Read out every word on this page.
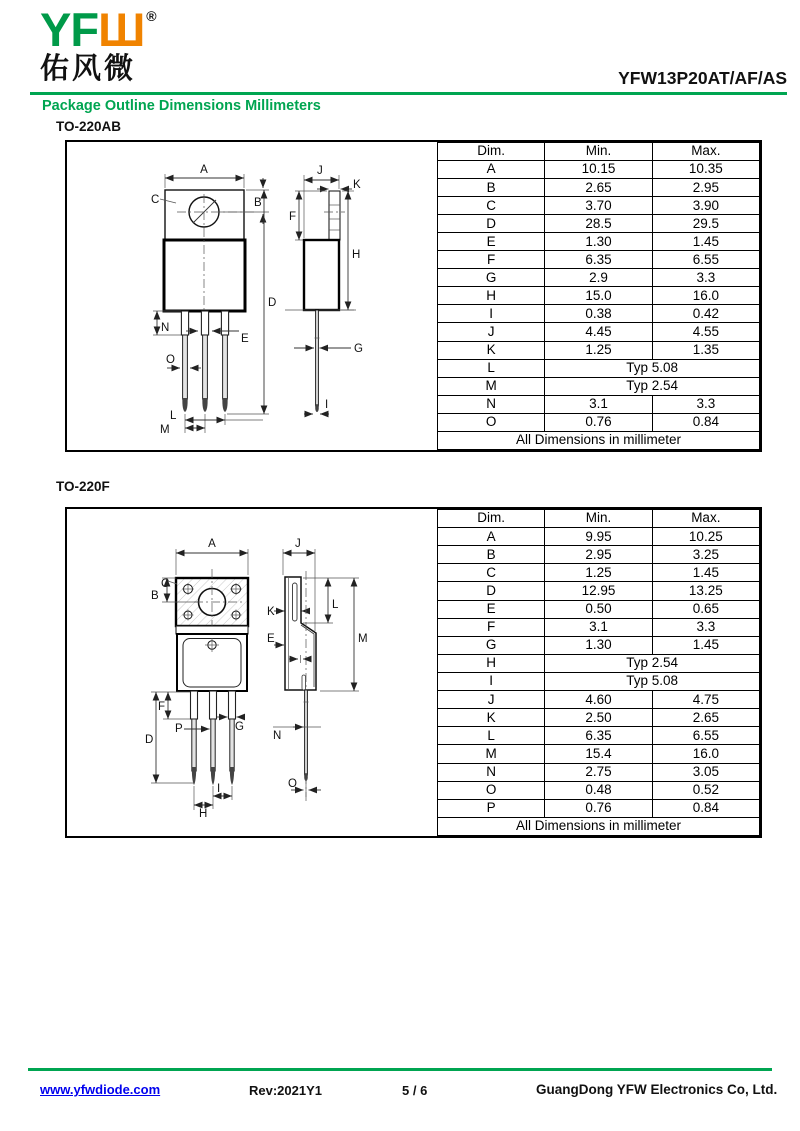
YFШ ®
佑风微	YFW13P20AT/AF/AS
Package Outline Dimensions Millimeters
TO-220AB
A
C	B
D
N
E
O
L
M
J
K
F
H
G
I
Dim.	Min.	Max.
A	10.15	10.35
B	2.65	2.95
C	3.70	3.90
D	28.5	29.5
E	1.30	1.45
F	6.35	6.55
G	2.9	3.3
H	15.0	16.0
I	0.38	0.42
J	4.45	4.55
K	1.25	1.35
L	Typ 5.08	
M	Typ 2.54	
N	3.1	3.3
O	0.76	0.84
All Dimensions in millimeter		
TO-220F
A
C
B
F
D
P	G
I
H
K
E
J
L
M
N
O
Dim.	Min.	Max.
A	9.95	10.25
B	2.95	3.25
C	1.25	1.45
D	12.95	13.25
E	0.50	0.65
F	3.1	3.3
G	1.30	1.45
H	Typ 2.54	
I	Typ 5.08	
J	4.60	4.75
K	2.50	2.65
L	6.35	6.55
M	15.4	16.0
N	2.75	3.05
O	0.48	0.52
P	0.76	0.84
All Dimensions in millimeter		
www.yfwdiode.com	Rev:2021Y1	5 / 6	GuangDong YFW Electronics Co, Ltd.
